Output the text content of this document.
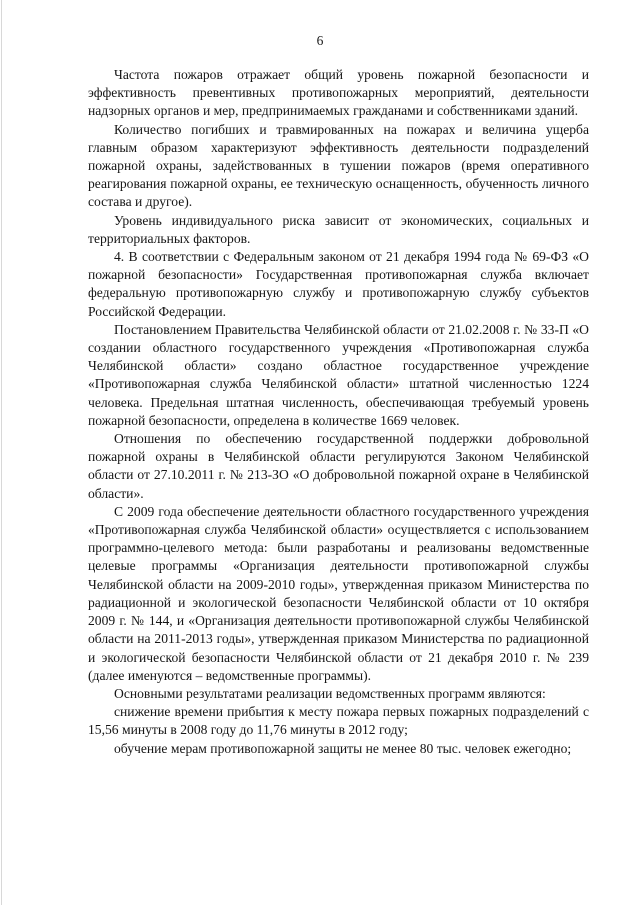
6

Частота пожаров отражает общий уровень пожарной безопасности и эффективность превентивных противопожарных мероприятий, деятельности надзорных органов и мер, предпринимаемых гражданами и собственниками зданий.

Количество погибших и травмированных на пожарах и величина ущерба главным образом характеризуют эффективность деятельности подразделений пожарной охраны, задействованных в тушении пожаров (время оперативного реагирования пожарной охраны, ее техническую оснащенность, обученность личного состава и другое).

Уровень индивидуального риска зависит от экономических, социальных и территориальных факторов.

4. В соответствии с Федеральным законом от 21 декабря 1994 года № 69-ФЗ «О пожарной безопасности» Государственная противопожарная служба включает федеральную противопожарную службу и противопожарную службу субъектов Российской Федерации.

Постановлением Правительства Челябинской области от 21.02.2008 г. № 33-П «О создании областного государственного учреждения «Противопожарная служба Челябинской области» создано областное государственное учреждение «Противопожарная служба Челябинской области» штатной численностью 1224 человека. Предельная штатная численность, обеспечивающая требуемый уровень пожарной безопасности, определена в количестве 1669 человек.

Отношения по обеспечению государственной поддержки добровольной пожарной охраны в Челябинской области регулируются Законом Челябинской области от 27.10.2011 г. № 213-ЗО «О добровольной пожарной охране в Челябинской области».

С 2009 года обеспечение деятельности областного государственного учреждения «Противопожарная служба Челябинской области» осуществляется с использованием программно-целевого метода: были разработаны и реализованы ведомственные целевые программы «Организация деятельности противопожарной службы Челябинской области на 2009-2010 годы», утвержденная приказом Министерства по радиационной и экологической безопасности Челябинской области от 10 октября 2009 г. № 144, и «Организация деятельности противопожарной службы Челябинской области на 2011-2013 годы», утвержденная приказом Министерства по радиационной и экологической безопасности Челябинской области от 21 декабря 2010 г. № 239 (далее именуются – ведомственные программы).

Основными результатами реализации ведомственных программ являются:

снижение времени прибытия к месту пожара первых пожарных подразделений с 15,56 минуты в 2008 году до 11,76 минуты в 2012 году;

обучение мерам противопожарной защиты не менее 80 тыс. человек ежегодно;
